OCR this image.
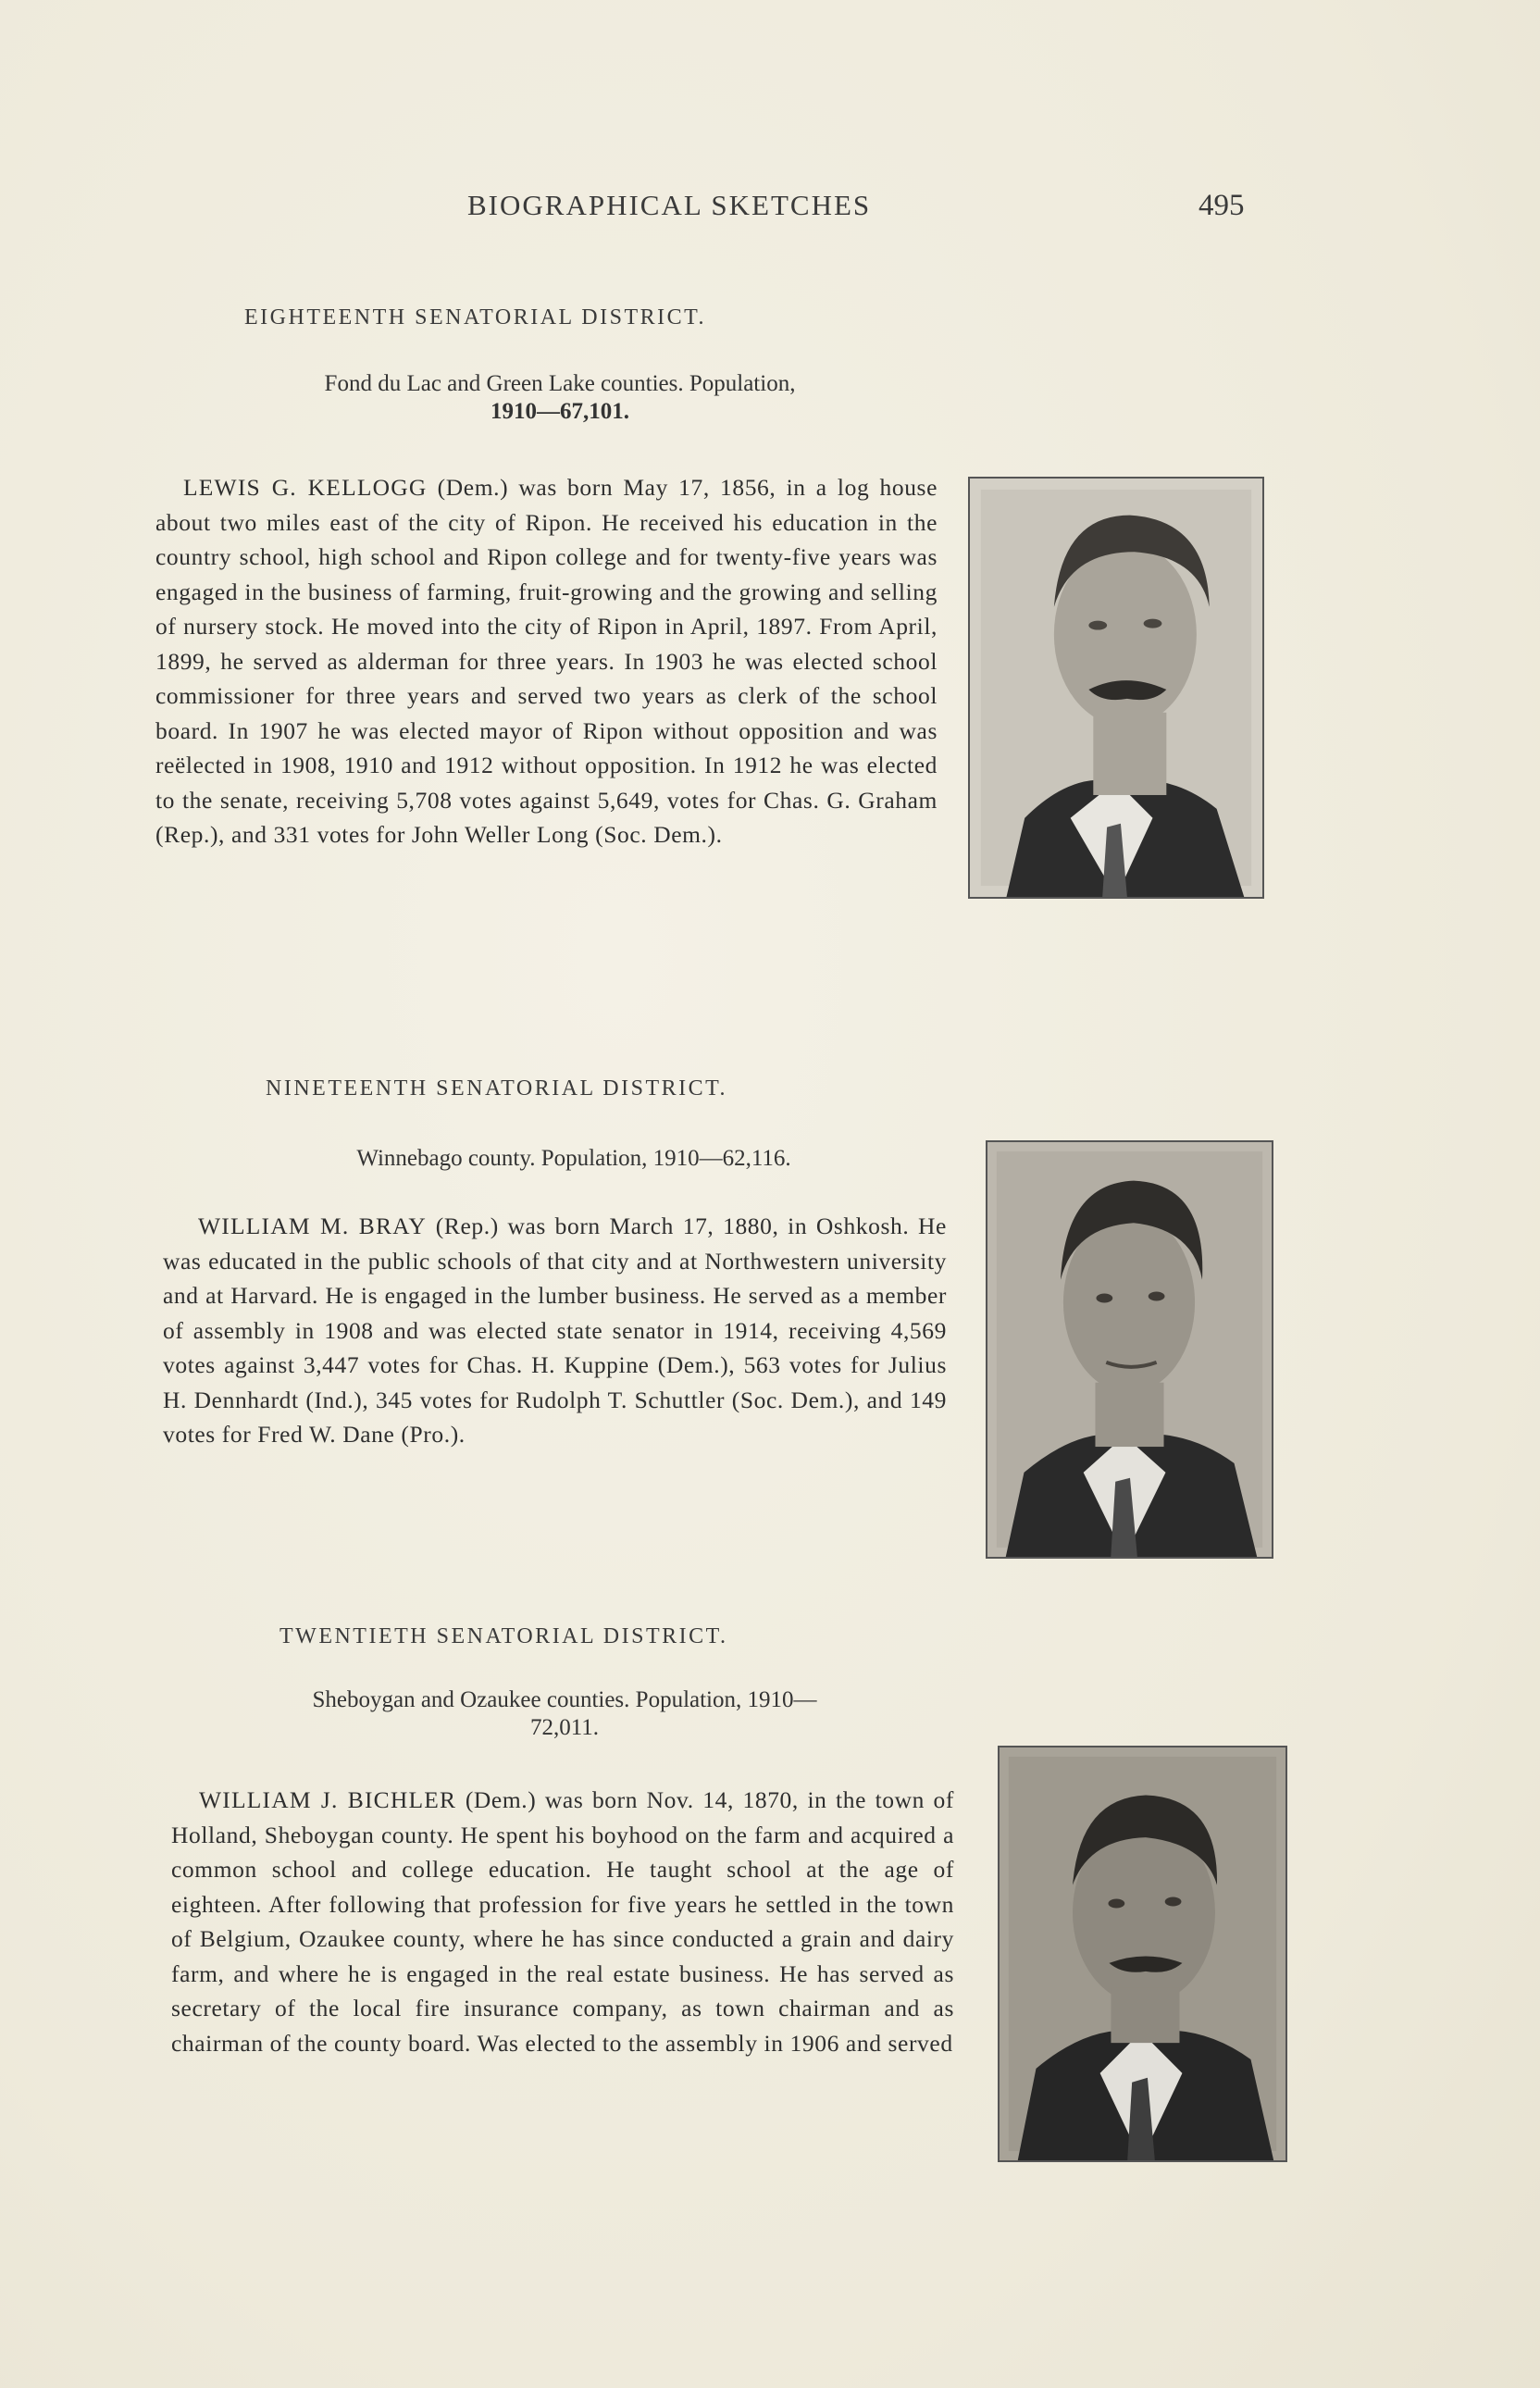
BIOGRAPHICAL SKETCHES	495
EIGHTEENTH SENATORIAL DISTRICT.
Fond du Lac and Green Lake counties. Population,
1910—67,101.
LEWIS G. KELLOGG (Dem.) was born May 17, 1856, in a log house about two miles east of the city of Ripon. He received his education in the country school, high school and Ripon college and for twenty-five years was engaged in the business of farming, fruit-growing and the growing and selling of nursery stock. He moved into the city of Ripon in April, 1897. From April, 1899, he served as alderman for three years. In 1903 he was elected school commissioner for three years and served two years as clerk of the school board. In 1907 he was elected mayor of Ripon without opposition and was reëlected in 1908, 1910 and 1912 without opposition. In 1912 he was elected to the senate, receiving 5,708 votes against 5,649, votes for Chas. G. Graham (Rep.), and 331 votes for John Weller Long (Soc. Dem.).
NINETEENTH SENATORIAL DISTRICT.
Winnebago county. Population, 1910—62,116.
WILLIAM M. BRAY (Rep.) was born March 17, 1880, in Oshkosh. He was educated in the public schools of that city and at Northwestern university and at Harvard. He is engaged in the lumber business. He served as a member of assembly in 1908 and was elected state senator in 1914, receiving 4,569 votes against 3,447 votes for Chas. H. Kuppine (Dem.), 563 votes for Julius H. Dennhardt (Ind.), 345 votes for Rudolph T. Schuttler (Soc. Dem.), and 149 votes for Fred W. Dane (Pro.).
TWENTIETH SENATORIAL DISTRICT.
Sheboygan and Ozaukee counties. Population, 1910—
72,011.
WILLIAM J. BICHLER (Dem.) was born Nov. 14, 1870, in the town of Holland, Sheboygan county. He spent his boyhood on the farm and acquired a common school and college education. He taught school at the age of eighteen. After following that profession for five years he settled in the town of Belgium, Ozaukee county, where he has since conducted a grain and dairy farm, and where he is engaged in the real estate business. He has served as secretary of the local fire insurance company, as town chairman and as chairman of the county board. Was elected to the assembly in 1906 and served
